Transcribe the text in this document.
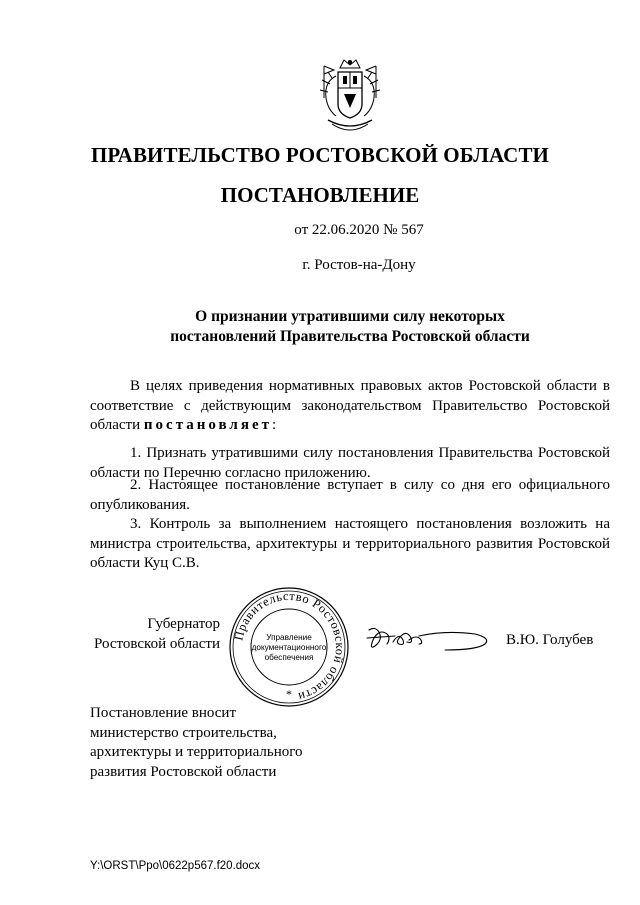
ПРАВИТЕЛЬСТВО РОСТОВСКОЙ ОБЛАСТИ
ПОСТАНОВЛЕНИЕ
от 22.06.2020 № 567
г. Ростов-на-Дону
О признании утратившими силу некоторых
постановлений Правительства Ростовской области
В целях приведения нормативных правовых актов Ростовской области в соответствие с действующим законодательством Правительство Ростовской области постановляет:
1. Признать утратившими силу постановления Правительства Ростовской области по Перечню согласно приложению.
2. Настоящее постановление вступает в силу со дня его официального опубликования.
3. Контроль за выполнением настоящего постановления возложить на министра строительства, архитектуры и территориального развития Ростовской области Куц С.В.
Губернатор
Ростовской области
Правительство Ростовской области
Управление
документационного
обеспечения
*
В.Ю. Голубев
Постановление вносит
министерство строительства,
архитектуры и территориального
развития Ростовской области
Y:\ORST\Ppo\0622p567.f20.docx
